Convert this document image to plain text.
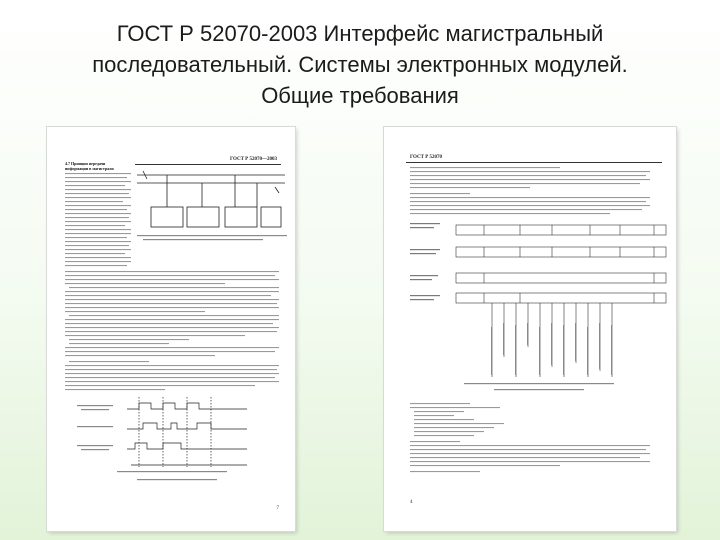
ГОСТ Р 52070-2003 Интерфейс магистральный
последовательный. Системы электронных модулей.
Общие требования
ГОСТ Р 52070—2003
4.7 Принцип передачи информации в магистрали
7
ГОСТ Р 52070
4
